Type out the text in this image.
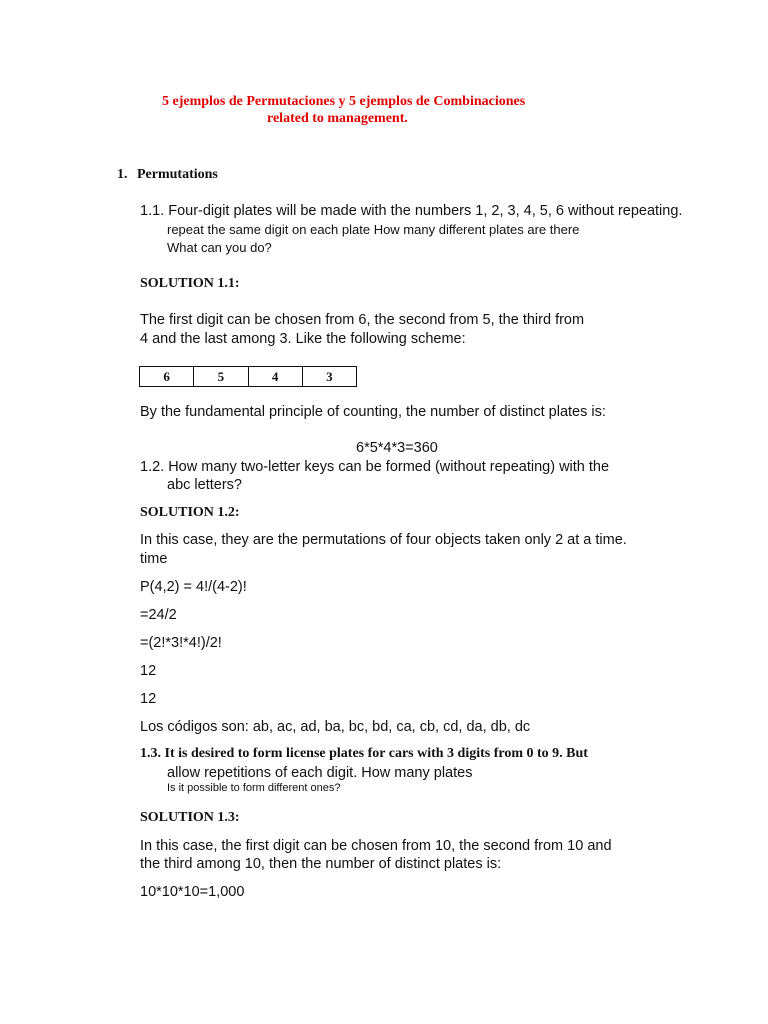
5 ejemplos de Permutaciones y 5 ejemplos de Combinaciones
related to management.
1. Permutations
1.1. Four-digit plates will be made with the numbers 1, 2, 3, 4, 5, 6 without repeating.
repeat the same digit on each plate How many different plates are there
What can you do?
SOLUTION 1.1:
The first digit can be chosen from 6, the second from 5, the third from
4 and the last among 3. Like the following scheme:
6	5	4	3
By the fundamental principle of counting, the number of distinct plates is:
6*5*4*3=360
1.2. How many two-letter keys can be formed (without repeating) with the
abc letters?
SOLUTION 1.2:
In this case, they are the permutations of four objects taken only 2 at a time.
time
P(4,2) = 4!/(4-2)!
=24/2
=(2!*3!*4!)/2!
12
12
Los códigos son: ab, ac, ad, ba, bc, bd, ca, cb, cd, da, db, dc
1.3. It is desired to form license plates for cars with 3 digits from 0 to 9. But
allow repetitions of each digit. How many plates
Is it possible to form different ones?
SOLUTION 1.3:
In this case, the first digit can be chosen from 10, the second from 10 and
the third among 10, then the number of distinct plates is:
10*10*10=1,000
